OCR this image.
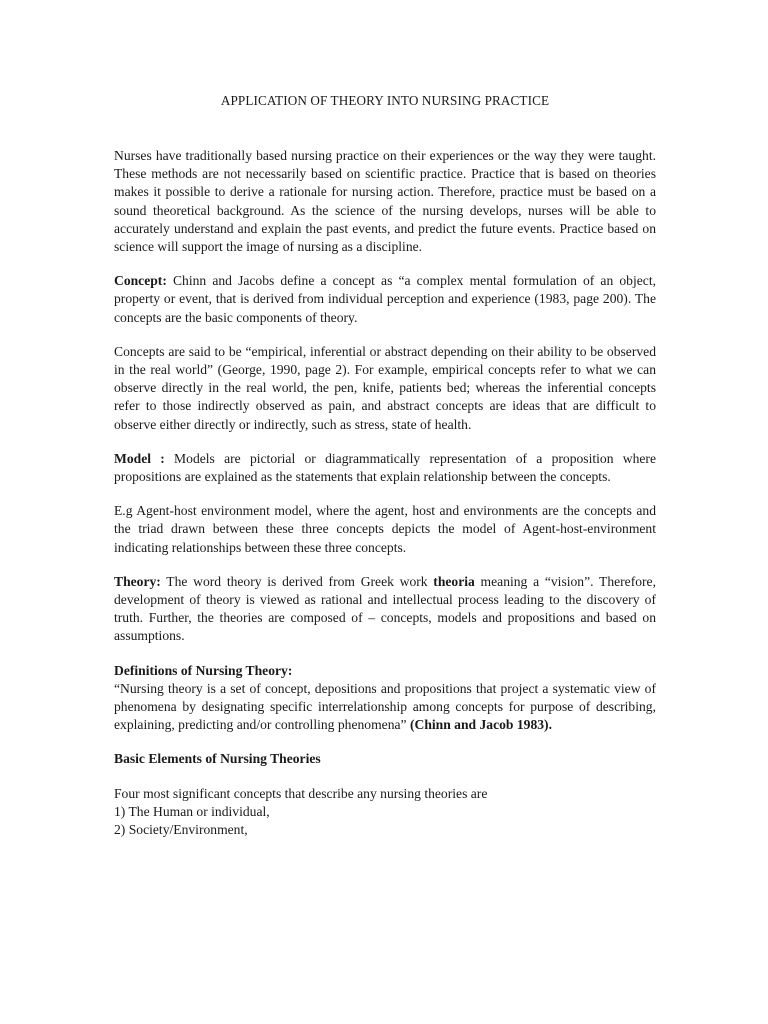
APPLICATION OF THEORY INTO NURSING PRACTICE

Nurses have traditionally based nursing practice on their experiences or the way they were taught. These methods are not necessarily based on scientific practice. Practice that is based on theories makes it possible to derive a rationale for nursing action. Therefore, practice must be based on a sound theoretical background. As the science of the nursing develops, nurses will be able to accurately understand and explain the past events, and predict the future events. Practice based on science will support the image of nursing as a discipline.

Concept: Chinn and Jacobs define a concept as “a complex mental formulation of an object, property or event, that is derived from individual perception and experience (1983, page 200). The concepts are the basic components of theory.

Concepts are said to be “empirical, inferential or abstract depending on their ability to be observed in the real world” (George, 1990, page 2). For example, empirical concepts refer to what we can observe directly in the real world, the pen, knife, patients bed; whereas the inferential concepts refer to those indirectly observed as pain, and abstract concepts are ideas that are difficult to observe either directly or indirectly, such as stress, state of health.

Model : Models are pictorial or diagrammatically representation of a proposition where propositions are explained as the statements that explain relationship between the concepts.

E.g Agent-host environment model, where the agent, host and environments are the concepts and the triad drawn between these three concepts depicts the model of Agent-host-environment indicating relationships between these three concepts.

Theory: The word theory is derived from Greek work theoria meaning a “vision”. Therefore, development of theory is viewed as rational and intellectual process leading to the discovery of truth. Further, the theories are composed of – concepts, models and propositions and based on assumptions.

Definitions of Nursing Theory:

“Nursing theory is a set of concept, depositions and propositions that project a systematic view of phenomena by designating specific interrelationship among concepts for purpose of describing, explaining, predicting and/or controlling phenomena” (Chinn and Jacob 1983).

Basic Elements of Nursing Theories

Four most significant concepts that describe any nursing theories are

1) The Human or individual,
2) Society/Environment,
